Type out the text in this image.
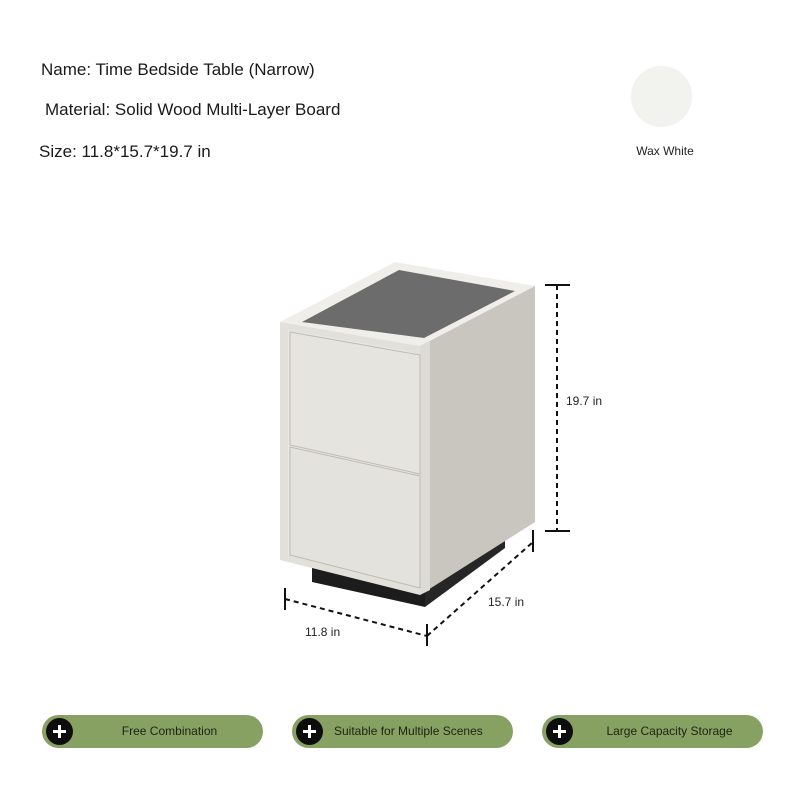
Name: Time Bedside Table (Narrow)
Material: Solid Wood Multi-Layer Board
Size: 11.8*15.7*19.7 in	Wax White
19.7 in
15.7 in
11.8 in
Free Combination	Suitable for Multiple Scenes	Large Capacity Storage
